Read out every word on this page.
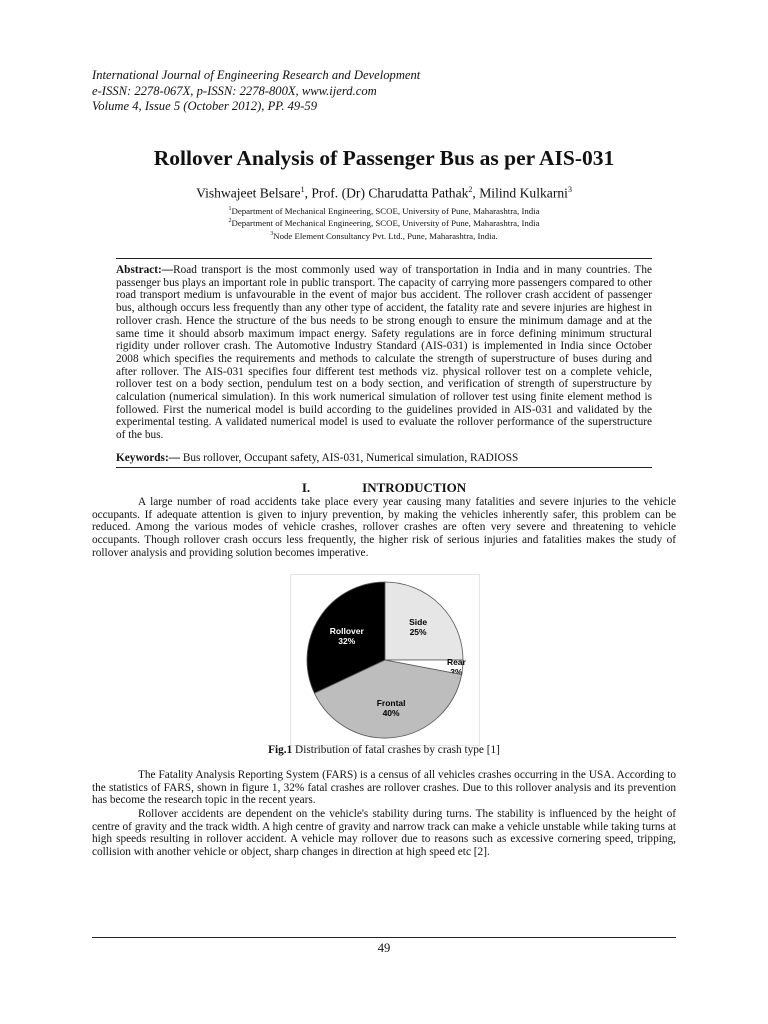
International Journal of Engineering Research and Development
e-ISSN: 2278-067X, p-ISSN: 2278-800X, www.ijerd.com
Volume 4, Issue 5 (October 2012), PP. 49-59
Rollover Analysis of Passenger Bus as per AIS-031
Vishwajeet Belsare$^1$, Prof. (Dr) Charudatta Pathak$^2$, Milind Kulkarni$^3$
$^1$Department of Mechanical Engineering, SCOE, University of Pune, Maharashtra, India
$^2$Department of Mechanical Engineering, SCOE, University of Pune, Maharashtra, India
$^3$Node Element Consultancy Pvt. Ltd., Pune, Maharashtra, India.
Abstract:—Road transport is the most commonly used way of transportation in India and in many countries. The passenger bus plays an important role in public transport. The capacity of carrying more passengers compared to other road transport medium is unfavourable in the event of major bus accident. The rollover crash accident of passenger bus, although occurs less frequently than any other type of accident, the fatality rate and severe injuries are highest in rollover crash. Hence the structure of the bus needs to be strong enough to ensure the minimum damage and at the same time it should absorb maximum impact energy. Safety regulations are in force defining minimum structural rigidity under rollover crash. The Automotive Industry Standard (AIS-031) is implemented in India since October 2008 which specifies the requirements and methods to calculate the strength of superstructure of buses during and after rollover. The AIS-031 specifies four different test methods viz. physical rollover test on a complete vehicle, rollover test on a body section, pendulum test on a body section, and verification of strength of superstructure by calculation (numerical simulation). In this work numerical simulation of rollover test using finite element method is followed. First the numerical model is build according to the guidelines provided in AIS-031 and validated by the experimental testing. A validated numerical model is used to evaluate the rollover performance of the superstructure of the bus.
Keywords:— Bus rollover, Occupant safety, AIS-031, Numerical simulation, RADIOSS
I.	INTRODUCTION
A large number of road accidents take place every year causing many fatalities and severe injuries to the vehicle occupants. If adequate attention is given to injury prevention, by making the vehicles inherently safer, this problem can be reduced. Among the various modes of vehicle crashes, rollover crashes are often very severe and threatening to vehicle occupants. Though rollover crash occurs less frequently, the higher risk of serious injuries and fatalities makes the study of rollover analysis and providing solution becomes imperative.
Rollover
32%
Side
25%
Rear
3%
Frontal
40%
Fig.1 Distribution of fatal crashes by crash type [1]
The Fatality Analysis Reporting System (FARS) is a census of all vehicles crashes occurring in the USA. According to the statistics of FARS, shown in figure 1, 32% fatal crashes are rollover crashes. Due to this rollover analysis and its prevention has become the research topic in the recent years.
Rollover accidents are dependent on the vehicle's stability during turns. The stability is influenced by the height of centre of gravity and the track width. A high centre of gravity and narrow track can make a vehicle unstable while taking turns at high speeds resulting in rollover accident. A vehicle may rollover due to reasons such as excessive cornering speed, tripping, collision with another vehicle or object, sharp changes in direction at high speed etc [2].
49
